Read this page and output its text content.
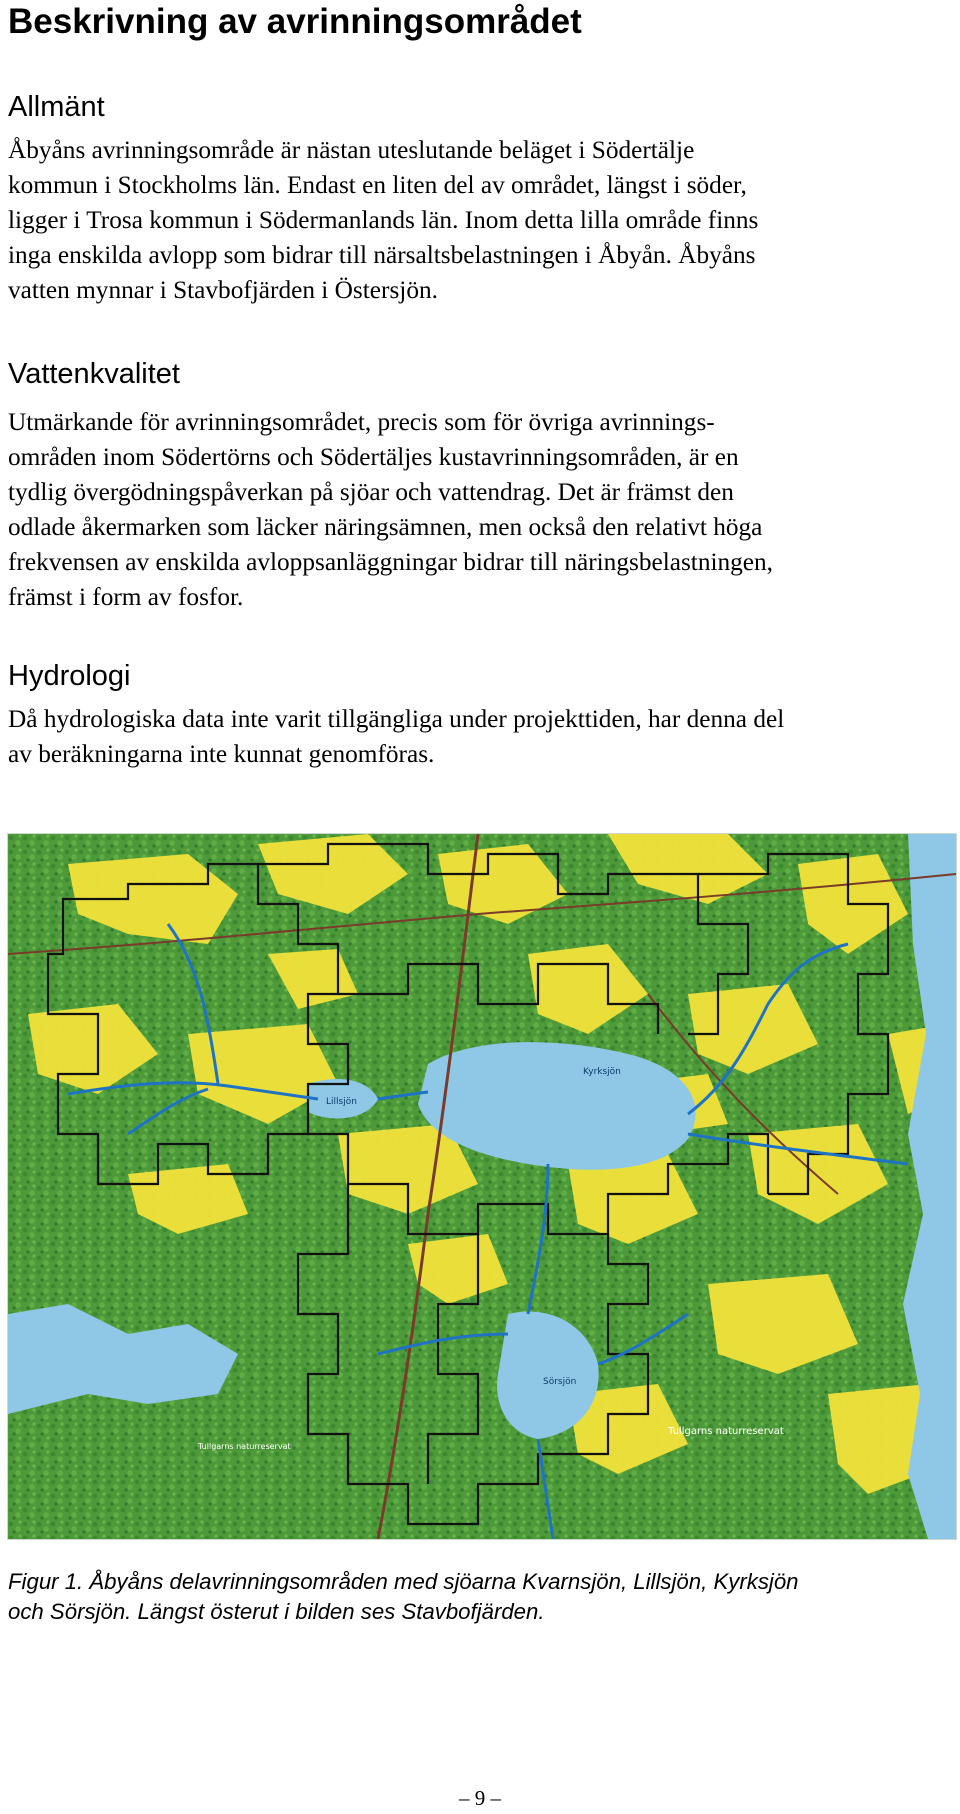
Beskrivning av avrinningsområdet
Allmänt

Åbyåns avrinningsområde är nästan uteslutande beläget i Södertälje
kommun i Stockholms län. Endast en liten del av området, längst i söder,
ligger i Trosa kommun i Södermanlands län. Inom detta lilla område finns
inga enskilda avlopp som bidrar till närsaltsbelastningen i Åbyån. Åbyåns
vatten mynnar i Stavbofjärden i Östersjön.

Vattenkvalitet

Utmärkande för avrinningsområdet, precis som för övriga avrinnings-
områden inom Södertörns och Södertäljes kustavrinningsområden, är en
tydlig övergödningspåverkan på sjöar och vattendrag. Det är främst den
odlade åkermarken som läcker näringsämnen, men också den relativt höga
frekvensen av enskilda avloppsanläggningar bidrar till näringsbelastningen,
främst i form av fosfor.

Hydrologi

Då hydrologiska data inte varit tillgängliga under projekttiden, har denna del
av beräkningarna inte kunnat genomföras.

Lillsjön
Kyrksjön
Sörsjön
Tullgarns naturreservat
Tullgarns naturreservat

Figur 1. Åbyåns delavrinningsområden med sjöarna Kvarnsjön, Lillsjön, Kyrksjön
och Sörsjön. Längst österut i bilden ses Stavbofjärden.

– 9 –
